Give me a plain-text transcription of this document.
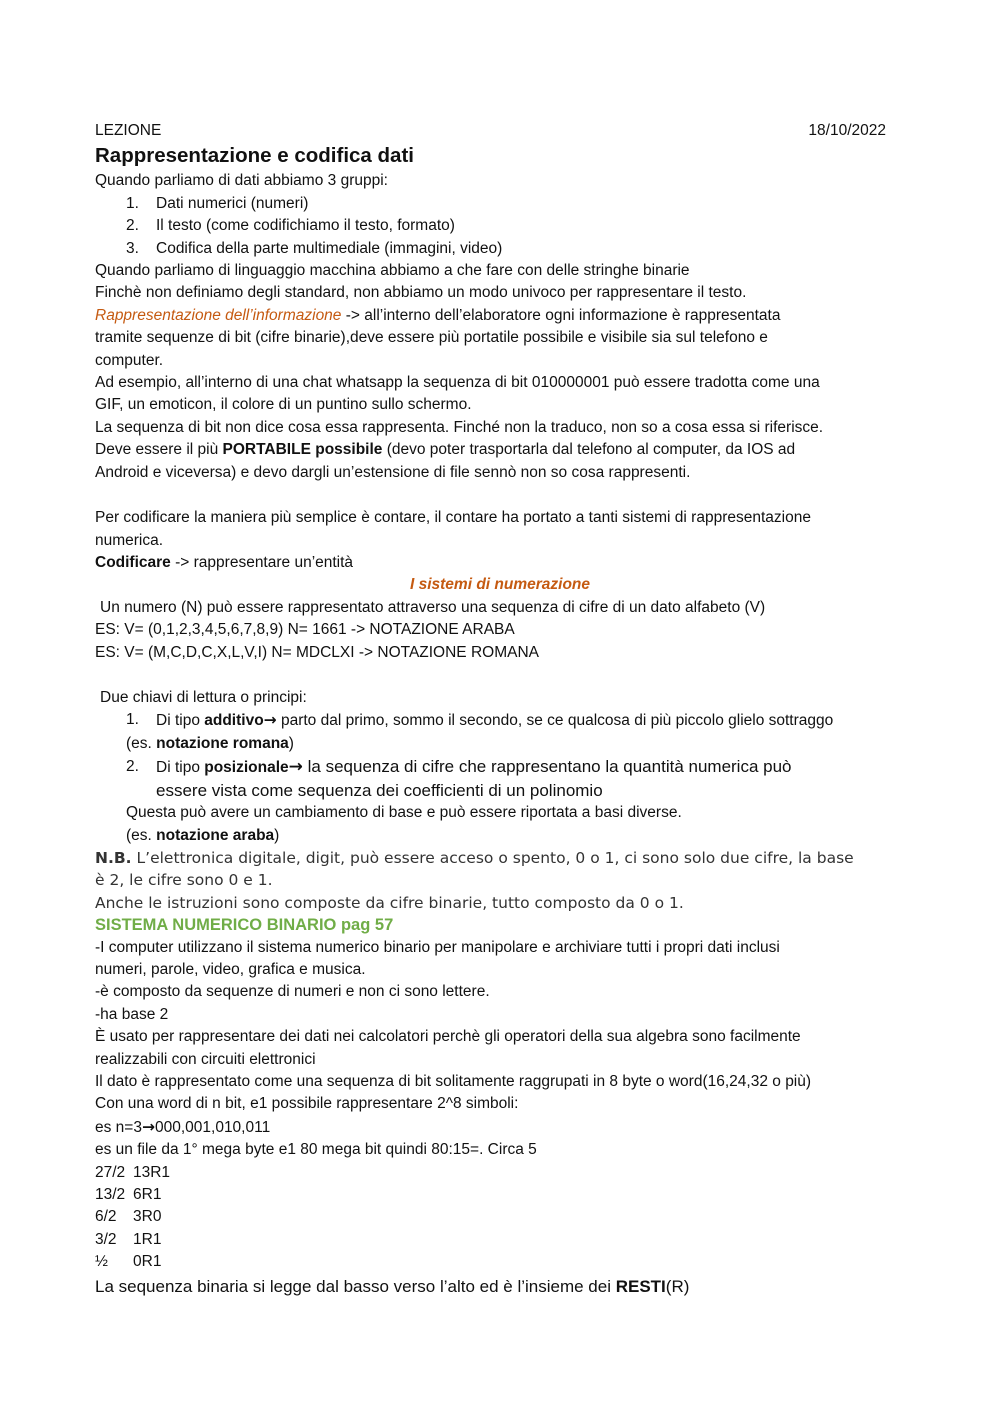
LEZIONE	18/10/2022
Rappresentazione e codifica dati
Quando parliamo di dati abbiamo 3 gruppi:
1. Dati numerici (numeri)
2. Il testo (come codifichiamo il testo, formato)
3. Codifica della parte multimediale (immagini, video)
Quando parliamo di linguaggio macchina abbiamo a che fare con delle stringhe binarie
Finchè non definiamo degli standard, non abbiamo un modo univoco per rappresentare il testo.
Rappresentazione dell’informazione -> all’interno dell’elaboratore ogni informazione è rappresentata
tramite sequenze di bit (cifre binarie),deve essere più portatile possibile e visibile sia sul telefono e
computer.
Ad esempio, all’interno di una chat whatsapp la sequenza di bit 010000001 può essere tradotta come una
GIF, un emoticon, il colore di un puntino sullo schermo.
La sequenza di bit non dice cosa essa rappresenta. Finché non la traduco, non so a cosa essa si riferisce.
Deve essere il più PORTABILE possibile (devo poter trasportarla dal telefono al computer, da IOS ad
Android e viceversa) e devo dargli un’estensione di file sennò non so cosa rappresenti.
Per codificare la maniera più semplice è contare, il contare ha portato a tanti sistemi di rappresentazione
numerica.
Codificare -> rappresentare un’entità
I sistemi di numerazione
Un numero (N) può essere rappresentato attraverso una sequenza di cifre di un dato alfabeto (V)
ES: V= (0,1,2,3,4,5,6,7,8,9) N= 1661 -> NOTAZIONE ARABA
ES: V= (M,C,D,C,X,L,V,I) N= MDCLXI -> NOTAZIONE ROMANA
Due chiavi di lettura o principi:
1. Di tipo additivo→ parto dal primo, sommo il secondo, se ce qualcosa di più piccolo glielo sottraggo
(es. notazione romana)
2. Di tipo posizionale→ la sequenza di cifre che rappresentano la quantità numerica può
essere vista come sequenza dei coefficienti di un polinomio
Questa può avere un cambiamento di base e può essere riportata a basi diverse.
(es. notazione araba)
N.B. L’elettronica digitale, digit, può essere acceso o spento, 0 o 1, ci sono solo due cifre, la base
è 2, le cifre sono 0 e 1.
Anche le istruzioni sono composte da cifre binarie, tutto composto da 0 o 1.
SISTEMA NUMERICO BINARIO pag 57
-I computer utilizzano il sistema numerico binario per manipolare e archiviare tutti i propri dati inclusi
numeri, parole, video, grafica e musica.
-è composto da sequenze di numeri e non ci sono lettere.
-ha base 2
È usato per rappresentare dei dati nei calcolatori perchè gli operatori della sua algebra sono facilmente
realizzabili con circuiti elettronici
Il dato è rappresentato come una sequenza di bit solitamente raggrupati in 8 byte o word(16,24,32 o più)
Con una word di n bit, e1 possibile rappresentare 2^8 simboli:
es n=3→000,001,010,011
es un file da 1° mega byte e1 80 mega bit quindi 80:15=. Circa 5
27/2 13R1
13/2 6R1
6/2 3R0
3/2 1R1
½ 0R1
La sequenza binaria si legge dal basso verso l’alto ed è l’insieme dei RESTI(R)
